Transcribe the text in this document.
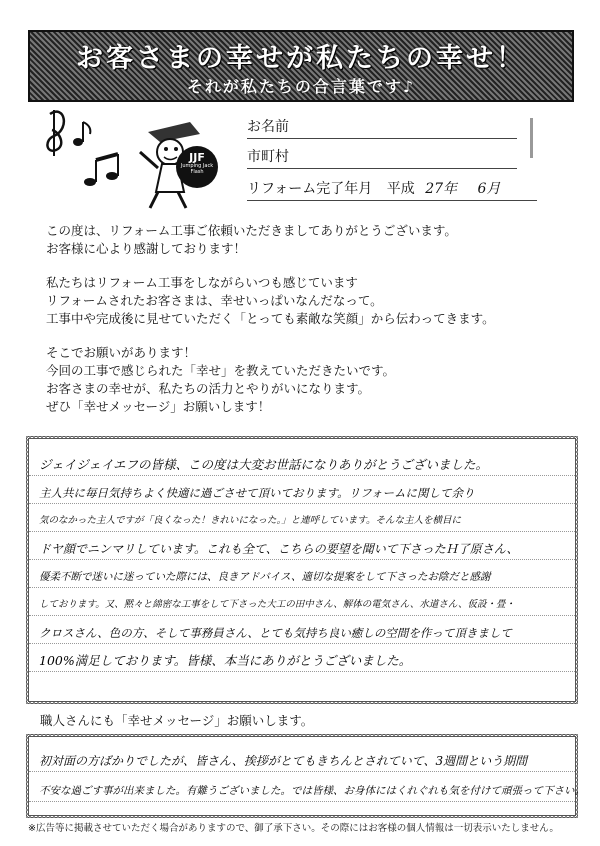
お客さまの幸せが私たちの幸せ！
それが私たちの合言葉です♪
JJF
Jumping Jack Flash
お名前
市町村
リフォーム完了年月 平成 27年 6月
この度は、リフォーム工事ご依頼いただきましてありがとうございます。
お客様に心より感謝しております！
私たちはリフォーム工事をしながらいつも感じています
リフォームされたお客さまは、幸せいっぱいなんだなって。
工事中や完成後に見せていただく「とっても素敵な笑顔」から伝わってきます。
そこでお願いがあります！
今回の工事で感じられた「幸せ」を教えていただきたいです。
お客さまの幸せが、私たちの活力とやりがいになります。
ぜひ「幸せメッセージ」お願いします！
ジェイジェイエフの皆様、この度は大変お世話になりありがとうございました。
主人共に毎日気持ちよく快適に過ごさせて頂いております。リフォームに関して余り
気のなかった主人ですが「良くなった！きれいになった。」と連呼しています。そんな主人を横目に
ドヤ顔でニンマリしています。これも全て、こちらの要望を聞いて下さったＨ了原さん、
優柔不断で迷いに迷っていた際には、良きアドバイス、適切な提案をして下さったお陰だと感謝
しております。又、黙々と綿密な工事をして下さった大工の田中さん、解体の電気さん、水道さん、仮設・畳・
クロスさん、色の方、そして事務員さん、とても気持ち良い癒しの空間を作って頂きまして
100%満足しております。皆様、本当にありがとうございました。
職人さんにも「幸せメッセージ」お願いします。
初対面の方ばかりでしたが、皆さん、挨拶がとてもきちんとされていて、3週間という期間
不安な過ごす事が出来ました。有難うございました。では皆様、お身体にはくれぐれも気を付けて頑張って下さい。
※広告等に掲載させていただく場合がありますので、御了承下さい。その際にはお客様の個人情報は一切表示いたしません。
